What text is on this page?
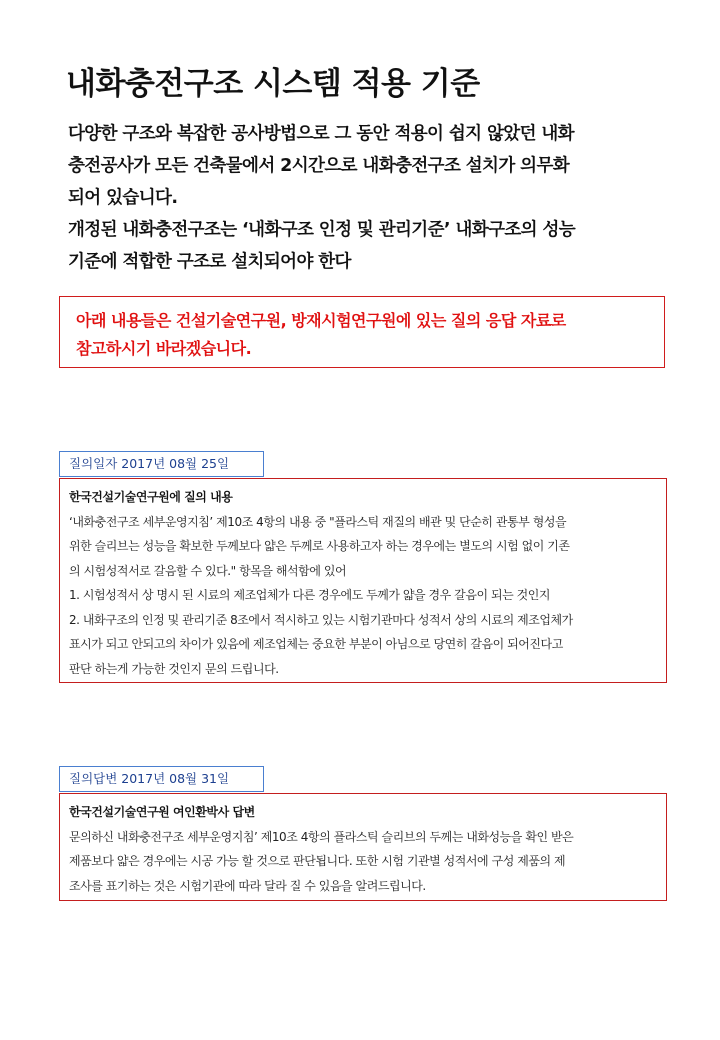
내화충전구조 시스템 적용 기준
다양한 구조와 복잡한 공사방법으로 그 동안 적용이 쉽지 않았던 내화
충전공사가 모든 건축물에서 2시간으로 내화충전구조 설치가 의무화
되어 있습니다.
개정된 내화충전구조는 ‘내화구조 인정 및 관리기준’ 내화구조의 성능
기준에 적합한 구조로 설치되어야 한다
아래 내용들은 건설기술연구원, 방재시험연구원에 있는 질의 응답 자료로
참고하시기 바라겠습니다.
질의일자 2017년 08월 25일
한국건설기술연구원에 질의 내용
‘내화충전구조 세부운영지침’ 제10조 4항의 내용 중 "플라스틱 재질의 배관 및 단순히 관통부 형성을
위한 슬리브는 성능을 확보한 두께보다 얇은 두께로 사용하고자 하는 경우에는 별도의 시험 없이 기존
의 시험성적서로 갈음할 수 있다." 항목을 해석함에 있어
1. 시험성적서 상 명시 된 시료의 제조업체가 다른 경우에도 두께가 얇을 경우 갈음이 되는 것인지
2. 내화구조의 인정 및 관리기준 8조에서 적시하고 있는 시험기관마다 성적서 상의 시료의 제조업체가
표시가 되고 안되고의 차이가 있음에 제조업체는 중요한 부분이 아님으로 당연히 갈음이 되어진다고
판단 하는게 가능한 것인지 문의 드립니다.
질의답변 2017년 08월 31일
한국건설기술연구원 여인환박사 답변
문의하신 내화충전구조 세부운영지침’ 제10조 4항의 플라스틱 슬리브의 두께는 내화성능을 확인 받은
제품보다 얇은 경우에는 시공 가능 할 것으로 판단됩니다. 또한 시험 기관별 성적서에 구성 제품의 제
조사를 표기하는 것은 시험기관에 따라 달라 질 수 있음을 알려드립니다.
